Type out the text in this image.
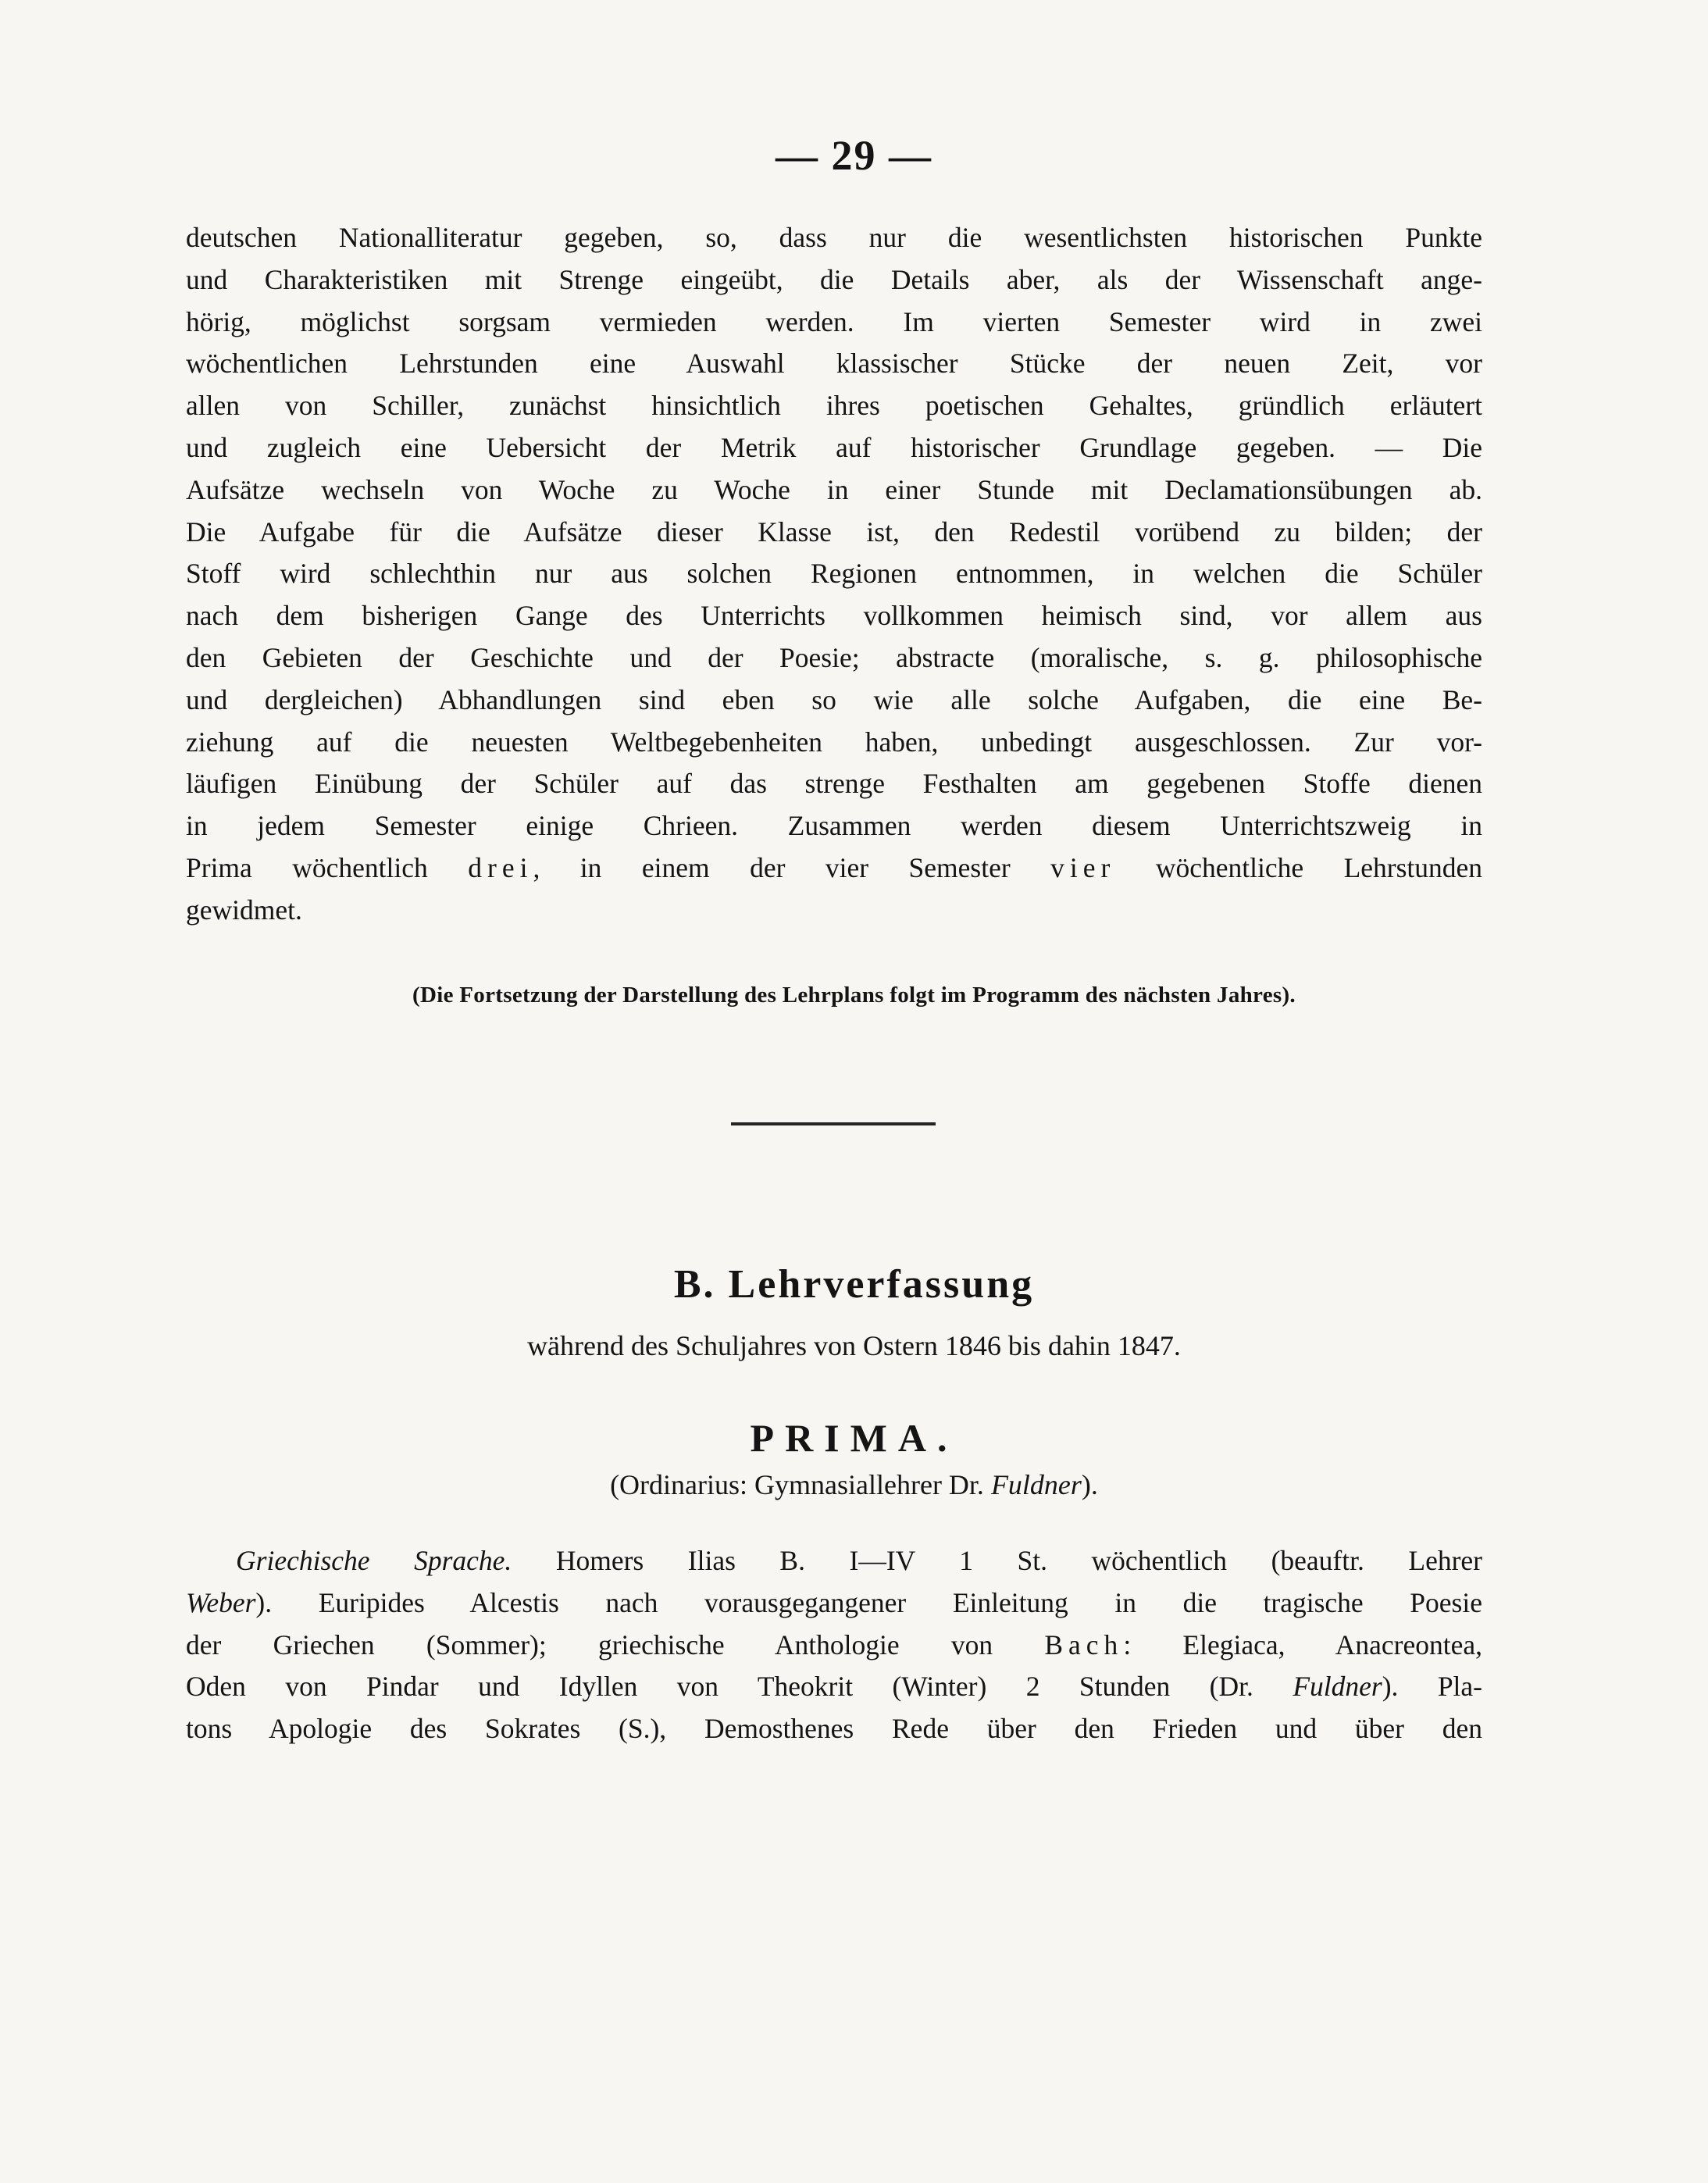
— 29 —
deutschen Nationalliteratur gegeben, so, dass nur die wesentlichsten historischen Punkte
und Charakteristiken mit Strenge eingeübt, die Details aber, als der Wissenschaft ange-
hörig, möglichst sorgsam vermieden werden. Im vierten Semester wird in zwei
wöchentlichen Lehrstunden eine Auswahl klassischer Stücke der neuen Zeit, vor
allen von Schiller, zunächst hinsichtlich ihres poetischen Gehaltes, gründlich erläutert
und zugleich eine Uebersicht der Metrik auf historischer Grundlage gegeben. — Die
Aufsätze wechseln von Woche zu Woche in einer Stunde mit Declamationsübungen ab.
Die Aufgabe für die Aufsätze dieser Klasse ist, den Redestil vorübend zu bilden; der
Stoff wird schlechthin nur aus solchen Regionen entnommen, in welchen die Schüler
nach dem bisherigen Gange des Unterrichts vollkommen heimisch sind, vor allem aus
den Gebieten der Geschichte und der Poesie; abstracte (moralische, s. g. philosophische
und dergleichen) Abhandlungen sind eben so wie alle solche Aufgaben, die eine Be-
ziehung auf die neuesten Weltbegebenheiten haben, unbedingt ausgeschlossen. Zur vor-
läufigen Einübung der Schüler auf das strenge Festhalten am gegebenen Stoffe dienen
in jedem Semester einige Chrieen. Zusammen werden diesem Unterrichtszweig in
Prima wöchentlich drei, in einem der vier Semester vier wöchentliche Lehrstunden
gewidmet.
(Die Fortsetzung der Darstellung des Lehrplans folgt im Programm des nächsten Jahres).
B. Lehrverfassung
während des Schuljahres von Ostern 1846 bis dahin 1847.
PRIMA.
(Ordinarius: Gymnasiallehrer Dr. Fuldner).
Griechische Sprache. Homers Ilias B. I—IV 1 St. wöchentlich (beauftr. Lehrer
Weber). Euripides Alcestis nach vorausgegangener Einleitung in die tragische Poesie
der Griechen (Sommer); griechische Anthologie von Bach: Elegiaca, Anacreontea,
Oden von Pindar und Idyllen von Theokrit (Winter) 2 Stunden (Dr. Fuldner). Pla-
tons Apologie des Sokrates (S.), Demosthenes Rede über den Frieden und über den
